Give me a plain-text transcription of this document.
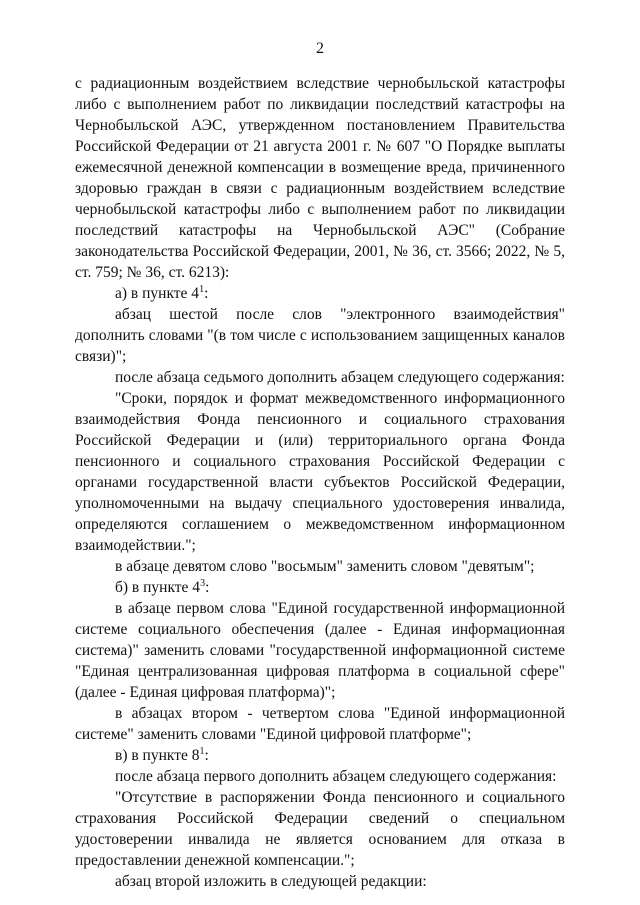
2

с радиационным воздействием вследствие чернобыльской катастрофы либо с выполнением работ по ликвидации последствий катастрофы на Чернобыльской АЭС, утвержденном постановлением Правительства Российской Федерации от 21 августа 2001 г. № 607 "О Порядке выплаты ежемесячной денежной компенсации в возмещение вреда, причиненного здоровью граждан в связи с радиационным воздействием вследствие чернобыльской катастрофы либо с выполнением работ по ликвидации последствий катастрофы на Чернобыльской АЭС" (Собрание законодательства Российской Федерации, 2001, № 36, ст. 3566; 2022, № 5, ст. 759; № 36, ст. 6213):

а) в пункте $4^1$:

абзац шестой после слов "электронного взаимодействия" дополнить словами "(в том числе с использованием защищенных каналов связи)";

после абзаца седьмого дополнить абзацем следующего содержания:

"Сроки, порядок и формат межведомственного информационного взаимодействия Фонда пенсионного и социального страхования Российской Федерации и (или) территориального органа Фонда пенсионного и социального страхования Российской Федерации с органами государственной власти субъектов Российской Федерации, уполномоченными на выдачу специального удостоверения инвалида, определяются соглашением о межведомственном информационном взаимодействии.";

в абзаце девятом слово "восьмым" заменить словом "девятым";

б) в пункте $4^3$:

в абзаце первом слова "Единой государственной информационной системе социального обеспечения (далее - Единая информационная система)" заменить словами "государственной информационной системе "Единая централизованная цифровая платформа в социальной сфере" (далее - Единая цифровая платформа)";

в абзацах втором - четвертом слова "Единой информационной системе" заменить словами "Единой цифровой платформе";

в) в пункте $8^1$:

после абзаца первого дополнить абзацем следующего содержания:

"Отсутствие в распоряжении Фонда пенсионного и социального страхования Российской Федерации сведений о специальном удостоверении инвалида не является основанием для отказа в предоставлении денежной компенсации.";

абзац второй изложить в следующей редакции:
